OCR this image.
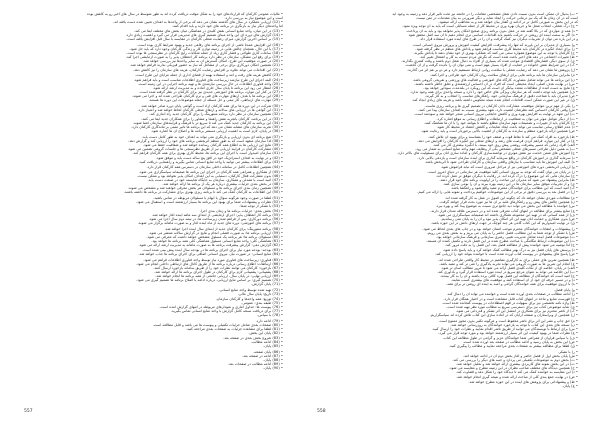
• ب) بدنبال ان ممکن است بدون نسبت دادن شغل مشخصی مقامات را در جامعه نیز تحت تاثیر قرار دهد و زمینه به وجود آید
است که در آن زمان ها که یک نیز درمانی حرکت را ایجاد نماید و دیگر ضرورتی به بیان مقدمات در متن نیست
که در این بخش به صورتی کامل تر در ادامه ی گفتار بیان خواهد شد و به مخاطب ارائه میشود.
• ج) درک شغلی، انتخاب شغل ها و جریان بهره وری در محیط کار از جمله مسائلی است که باید به آن توجه ویژه نمود.
• د) همه ی مواردی که در بالا گفته شد در عمل بدون برنامه ریزی صحیح امکان پذیر نخواهد بود و باید به آن پرداخت.
• ه) اگر به سمت آینده ای روشن در حرکت باشیم باید اقدامات اساسی تری انجام دهیم تا آن سه اصل محقق شود
و در این باره می توان از تجربیات دیگران نیز کمک گرفت و آن را در طرح های آینده مورد استفاده قرار داد.
• و) بسیاری از مدیران بر این باورند که تنها راه پیشرفت، افزایش کیفیت آموزش و پرورش نیروی انسانی است.
• ز) برای ایجاد انگیزه در کارکنان باید محیط کاری مناسب فراهم شود و پاداش های منظم در نظر گرفته شود.
• ح) کارکنان با توجه به این موضوع همواره سعی می کنند که عملکرد بهتری از خود نشان دهند تا پاداش بگیرند.
• ط) تغییرات اجتماعی در دهه های اخیر باعث شده است که نگرش مردم نسبت به کار و اشتغال تغییر کند.
• ی) از سوی دیگر، فشارهای اقتصادی موجب شده که بسیاری از افراد به دنبال شغل دوم باشند و وقت کمتری بگذارند.
• ک) در این شرایط نقش خانواده در حمایت از افراد بسیار مهم است و نمی توان آن را نادیده گرفت و از آن گذشت.
• ل) پژوهش ها نشان می دهد که رضایت شغلی با سلامت روانی ارتباط مستقیم دارد و هر دو بر هم اثر می گذارند.
• م) بنابراین سازمان ها باید برنامه هایی برای ارتقای سلامت روان کارکنان خود طراحی و اجرا کنند.
• ن) این برنامه ها می تواند شامل مشاوره، کارگاه های آموزشی و فعالیت های ورزشی و تفریحی گروهی باشد.
• س) در نهایت هدف اصلی، ایجاد محیطی است که افراد در آن احساس ارزشمندی و تعلق خاطر داشته باشند.
• ع) نتایج به دست آمده از مطالعات متعدد بیانگر آن است که این رویکرد در بلندمدت سودآور خواهد بود.
• ف) همچنین باید توجه داشت که هر سازمان ویژگی های خاص خود را دارد و نسخه واحدی برای همه وجود ندارد.
• ص) مدیران باید با شناخت دقیق از فرهنگ سازمانی خود، راهکارهای مناسب را انتخاب و به کار گیرند.
• ق) در غیر این صورت ممکن است اقدامات انجام شده نتیجه معکوس داشته باشد و هزینه های زیادی ایجاد کند.
• ر) یکی از مهم ترین عوامل موفقیت، مشارکت دادن کارکنان در تصمیم گیری ها و برنامه ریزی هاست.
• ش) وقتی کارکنان احساس کنند نظرشان اهمیت دارد، تعهد بیشتری نسبت به اهداف سازمان پیدا می کنند.
• ت) این تعهد در نهایت به افزایش بهره وری و کاهش جابجایی نیروی انسانی منجر خواهد شد و سودمند است.
• ث) از دیگر عوامل موثر می توان به شفافیت در ارتباطات و اطلاع رسانی به موقع اشاره کرد.
• خ) کارکنان باید از تغییرات و تصمیمات مهم سازمان مطلع باشند تا بتوانند خود را با آن ها هماهنگ کنند.
• ذ) عدم اطلاع رسانی مناسب می تواند باعث ایجاد شایعات و کاهش اعتماد در محیط کار شود.
• ض) همچنین ارائه بازخورد منظم و سازنده به کارکنان از اهمیت بالایی برخوردار است و باید رعایت شود.
• ظ) بازخورد به افراد کمک می کند تا نقاط قوت و ضعف خود را بشناسند و برای بهبود آن تلاش کنند.
• غ) در کنار این موارد، فراهم کردن فرصت های رشد و ارتقای شغلی نیز انگیزه کارکنان را افزایش می دهد.
• الف) افراد زمانی که مسیر پیشرفت روشنی پیش روی خود ببینند، با انگیزه بیشتری کار می کنند.
• ب) به همین دلیل طراحی مسیرهای شغلی مشخص یکی از وظایف مهم واحد منابع انسانی به شمار می رود.
• ج) آموزش های ضمن خدمت نیز نقش موثری در توانمندسازی کارکنان و آماده سازی آنان برای مسئولیت های بالاتر دارد.
• د) سرمایه گذاری در آموزش کارکنان در واقع سرمایه گذاری برای آینده سازمان است و بازدهی بالایی دارد.
• ه) البته این آموزش ها باید متناسب با نیازهای واقعی سازمان و کارکنان طراحی شود تا اثربخش باشد.
• و) ارزیابی اثربخشی دوره های آموزشی نیز از مراحل ضروری است که نباید فراموش شود.
• ز) در پایان می توان گفت که توجه به نیروی انسانی کلید موفقیت هر سازمانی در دنیای امروز است.
• ح) سازمان هایی که این موضوع را درک کرده اند، در رقابت با دیگران موفق تر عمل کرده اند.
• ط) بنابراین پیشنهاد می شود که مدیران این مباحث را در اولویت برنامه های خود قرار دهند.
• ی) و از تجربیات موفق سایر سازمان ها در این زمینه بهره ببرند و آن را بومی سازی کنند.
• ک) امید است که این مطالب برای خوانندگان محترم مفید واقع شود و راهگشا باشد.
• ل) در فصل بعد به بررسی دقیق تر برخی از این موضوعات خواهیم پرداخت و نمونه هایی را ارائه می کنیم.
• م) مطالعات موردی نشان خواهد داد که چگونه این اصول در عمل به کار گرفته شده اند.
• ن) همچنین چالش های پیش رو و راهکارهای غلبه بر آن ها نیز مورد بحث قرار خواهد گرفت.
• س) خواننده با مطالعه این بخش می تواند دید جامع تری نسبت به موضوع پیدا کند و بهره ببرد.
• ع) منابع بیشتر برای مطالعه در انتهای کتاب معرفی شده اند و در دسترس علاقه مندان قرار دارند.
• ف) از همه کسانی که در تهیه این مجموعه همکاری داشته اند صمیمانه سپاسگزاری می شود.
• ص) بدون همکاری و حمایت آنان تهیه این اثر امکان پذیر نبود و آن را به پایان نمی رساندیم.
• ق) در نهایت امیدواریم که این کتاب گامی هر چند کوچک در جهت ارتقای دانش در این حوزه باشد.
• ر) پیشنهادات و انتقادات خوانندگان محترم موجب امتنان خواهد بود و در چاپ های بعدی لحاظ می شود.
• ش) با تشکر از توجه شما به این مطالب، فصل حاضر را به پایان می بریم و به بخش بعدی می رویم.
• ت) موضوعات فصل آینده شامل مدیریت تغییر، رهبری سازمانی و فرهنگ سازمانی خواهد بود.
• ث) این موضوعات ارتباط تنگاتنگی با مباحث مطرح شده در این فصل دارند و تکمیل کننده آن هستند.
• خ) لذا توصیه می شود خواننده پیش از مطالعه فصل بعد، این فصل را به دقت مرور کند.
• ذ) پرسش های پایان فصل نیز به درک بهتر مطالب کمک خواهد کرد و باید پاسخ داده شود.
• ض) پاسخ های پیشنهادی در پیوست کتاب آورده شده است تا خواننده بتواند خود را ارزیابی کند.
• ظ) همچنین تمرین های عملی برای به کارگیری مفاهیم در محیط کار واقعی طراحی شده اند.
• غ) انجام این تمرین ها به صورت گروهی می تواند تجربه یادگیری را غنی تر کند و مفید باشد.
• الف) در پایان، خلاصه ای از نکات کلیدی فصل ارائه می شود تا مرور مطالب آسان تر شود.
• ب) این خلاصه می تواند به عنوان مرجع سریع در آینده مورد استفاده قرار گیرد و یادآوری کند.
• ج) امید است که خوانندگان از مطالعه این فصل بهره کافی برده باشند و آن را به کار ببندند.
• د) و در مسیر حرفه ای خود از آن استفاده کنند و موفقیت های بیشتری کسب نمایند.
• ه) با آرزوی موفقیت برای همه خوانندگان گرامی و امید به آینده ای روشن تر برای همه.
• و) پایان فصل.
• ز) ادامه مطالب در صفحات بعدی آورده شده است و خواننده می تواند آن را دنبال کند.
• ح) فهرست منابع و مآخذ در انتهای کتاب قابل مشاهده است و در اختیار همگان قرار دارد.
• ط) واژه نامه تخصصی نیز برای سهولت در فهم اصطلاحات در پیوست گنجانده شده است.
• ی) نمایه موضوعی کتاب نیز برای دسترسی سریع به مطالب مورد نظر تهیه شده است.
• ک) از ناشر محترم نیز برای همکاری در انتشار این اثر تشکر و قدردانی می شود.
• ل) همچنین از ویراستاران و صفحه آرایان که در آماده سازی این کتاب تلاش کرده اند سپاسگزاریم.
• م) حق چاپ و نشر این اثر برای ناشر محفوظ است و هرگونه تکثیر بدون مجوز ممنوع است.
• ن) نسخه های بعدی این کتاب با توجه به بازخورد خوانندگان به روزرسانی خواهد شد.
• س) برای ارتباط با نویسندگان می توانید از طریق ناشر اقدام نمایید و نظرات خود را ارسال کنید.
• ع) نظرات شما در بهبود کیفیت این اثر بسیار ارزشمند خواهد بود و مورد توجه قرار می گیرد.
• ف) با سپاس فراوان از همراهی شما خوانندگان عزیز و گرامی در طول مطالعه این کتاب.
• ص) این بخش به پایان رسید و ادامه مطالب در صفحه بعد آورده شده است.
• ق) لطفا برای مطالعه بیشتر به صفحات بعدی مراجعه نمایید و مطالب را پیگیری کنید.
• ر) با تشکر.
• ش) پایان بخش اول از فصل حاضر و آغاز بخش دوم آن در ادامه خواهد آمد.
• ت) بخش دوم به موضوعات تکمیلی می پردازد و جنبه های دیگر را بررسی می کند.
• ث) در این بخش نمونه های کاربردی بیشتری ارائه خواهد شد و تحلیل خواهد شد.
• خ) همچنین دیدگاه های مختلف صاحب نظران در این زمینه مطرح و مقایسه می شود.
• ذ) این مقایسه به خواننده کمک می کند تا دیدگاه خود را شکل دهد و قضاوت کند.
• ض) در نهایت جمع بندی کلی از مباحث ارائه شده و نتیجه گیری انجام خواهد شد.
• ظ) و پیشنهاداتی برای پژوهش های آینده در این حوزه مطرح خواهد شد.
• غ) پایان.
558
• مالیات عمومی کارکنان که قراردادهای خود را به شکل موقت دریافت کرده اند به طور متوسط در سال های اخیر رو به کاهش بوده
است و این موضوع نیاز به بررسی دارد.
• (12) ارزیابی عملکرد در سال های گذشته نشان می دهد که برخی از واحدها به اهداف تعیین شده دست یافته اند.
اما واحدهای دیگر نیاز به بازنگری در برنامه های خود دارند و باید اقدام کنند.
• (13) در این میان، واحد منابع انسانی نقش کلیدی در هماهنگی میان بخش های مختلف ایفا می کند.
• (14) گزارش های دوره ای این واحد مبنای تصمیم گیری های مدیریتی قرار می گیرد و اهمیت زیادی دارد.
• (15) بر اساس آخرین گزارش، میزان رضایت شغلی کارکنان در مقایسه با سال قبل افزایش یافته است.
• (16) این افزایش عمدتا ناشی از اجرای برنامه های رفاهی جدید و بهبود شرایط کاری بوده است.
• (17) با این حال، همچنان چالش هایی در زمینه توازن کار و زندگی کارکنان وجود دارد که باید حل شود.
• (18) ساعات کاری طولانی و فشار کاری زیاد از جمله شکایات رایج کارکنان در نظرسنجی ها بوده است.
• (19) برای رفع این مشکل، سازمان در نظر دارد برنامه کار انعطاف پذیر را به صورت آزمایشی اجرا کند.
• (20) در صورت موفقیت این طرح، امکان گسترش آن به سایر واحدها نیز بررسی خواهد شد.
• (21) همچنین امکان دورکاری برای برخی از مشاغل که نیاز به حضور فیزیکی ندارند فراهم خواهد شد.
• (22) این اقدامات می تواند علاوه بر افزایش رضایت کارکنان، هزینه های سازمان را نیز کاهش دهد.
• (23) کاهش هزینه های رفت و آمد و استفاده بهینه از فضای اداری از جمله مزایای این طرح است.
• (24) البته اجرای این طرح نیازمند زیرساخت های فناوری اطلاعات مناسب است و باید فراهم شود.
• (25) واحد فناوری اطلاعات در حال بررسی نیازمندی ها و تهیه برنامه اجرایی در این زمینه است.
• (26) انتظار می رود این برنامه تا پایان سال جاری آماده و به مدیریت ارشد ارائه شود.
• (27) در کنار این موارد، برنامه های آموزشی جدیدی نیز برای کارکنان در نظر گرفته شده است.
• (28) این برنامه ها با هدف ارتقای مهارت های فنی و نرم کارکنان طراحی شده اند و اجرا می شوند.
• (29) مهارت های ارتباطی، کار تیمی و حل مسئله از جمله موضوعات این دوره ها هستند.
• (30) شرکت در این دوره ها برای همه کارکنان آزاد است و گواهی پایان دوره صادر خواهد شد.
• (31) این گواهی ها در ارزیابی های سالانه و ارتقای شغلی کارکنان لحاظ خواهد شد و امتیاز دارد.
• (32) همچنین سازمان در نظر دارد برنامه منتورینگ را برای کارکنان جدید راه اندازی کند.
• (33) در این برنامه، کارکنان باتجربه نقش راهنما و مشاور را برای همکاران جدید ایفا می کنند.
• (34) این برنامه به کارکنان جدید کمک می کند تا سریع تر با فرهنگ و فرآیندهای سازمان آشنا شوند.
• (35) تجربه سازمان های مشابه نشان می دهد که این برنامه ها تاثیر مثبتی بر ماندگاری کارکنان دارد.
• (36) در پایان، لازم است به اهمیت ارزیابی مستمر برنامه ها و اصلاح آن ها اشاره شود.
• (37) هیچ برنامه ای بدون ارزیابی و بازنگری نمی تواند به اهداف خود به طور کامل دست یابد.
• (38) لذا سازمان متعهد است که به طور منظم اثربخشی برنامه های خود را ارزیابی کند و گزارش دهد.
• (39) نتایج این ارزیابی ها به اطلاع همه کارکنان رسانده خواهد شد و شفافیت حفظ می شود.
• (40) مشارکت کارکنان در فرآیند ارزیابی نیز از طریق نظرسنجی ها و جلسات گروهی تضمین می شود.
• (41) سازمان امیدوار است با اجرای این برنامه ها، محیط کاری بهتری برای همه کارکنان فراهم کند.
• (42) و در نهایت به اهداف استراتژیک خود در افق پنج ساله دست یابد و موفق شود.
• (43) برای اطلاعات بیشتر می توانید با واحد منابع انسانی تماس بگیرید و راهنمایی دریافت کنید.
• (44) همچنین اطلاعات کامل در سامانه داخلی سازمان در دسترس همه کارکنان قرار دارد.
• (45) از همکاری و همراهی همه کارکنان در اجرای این برنامه ها صمیمانه سپاسگزاری می شود.
• (46) بدون مشارکت فعال کارکنان، دستیابی به این اهداف امکان پذیر نخواهد بود و ممکن نیست.
• (47) امید است با همدلی و همکاری، سازمان به جایگاه شایسته خود در صنعت دست یابد.
• (48) در بخش بعدی جزئیات بیشتری درباره هر یک از برنامه ها ارائه خواهد شد.
• (49) همچنین زمان بندی اجرای برنامه ها و مسئولان هر بخش معرفی خواهند شد و مشخص می شوند.
• (50) این اطلاعات به کارکنان کمک می کند تا برنامه ریزی بهتری برای مشارکت در برنامه ها داشته باشند.
• (51) لطفا در صورت وجود هرگونه سوال یا ابهام با مسئولان مربوطه در تماس باشید.
• (52) نظرات و پیشنهادات شما برای بهبود این برنامه ها بسیار ارزشمند است و استقبال می شود.
• (53) با تشکر از توجه شما.
• (54) بخش بعدی: جزئیات برنامه ها و زمان بندی اجرا.
• (55) برنامه کار انعطاف پذیر: اجرای آزمایشی از ابتدای سه ماهه آینده آغاز خواهد شد.
• (56) برنامه دورکاری: پس از فراهم شدن زیرساخت ها، در نیمه دوم سال اجرا می شود.
• (57) برنامه های آموزشی: دوره های جدید از ماه آینده آغاز و به صورت ماهانه برگزار می شوند.
• (58) برنامه منتورینگ: برای کارکنان جدید از ابتدای سال آینده اجرا خواهد شد.
• (59) ارزیابی برنامه ها: به صورت فصلی انجام و نتایج در گزارش سالانه منتشر می شود.
• (60) مسئولان برنامه ها: هر برنامه یک مسئول مشخص خواهد داشت که معرفی می شود.
• (61) هماهنگی کلی: واحد منابع انسانی مسئول هماهنگی کلی همه برنامه ها خواهد بود.
• (62) گزارش دهی: گزارش پیشرفت برنامه ها به صورت ماهانه به مدیریت ارشد ارائه می شود.
• (63) بودجه: بودجه مورد نیاز برای اجرای برنامه ها در بودجه سال آینده پیش بینی شده است.
• (64) منابع انسانی: در صورت نیاز، نیروی انسانی اضافی برای اجرای برنامه ها جذب خواهد شد.
• (65) فناوری: زیرساخت های فناوری مورد نیاز توسط واحد فناوری اطلاعات فراهم می شود.
• (66) ارتباطات: اطلاع رسانی درباره برنامه ها از طریق کانال های ارتباطی داخلی انجام می شود.
• (67) بازخورد: کارکنان می توانند نظرات خود را از طریق سامانه بازخورد ارسال کنند.
• (68) پشتیبانی: پشتیبانی لازم برای کارکنان در طول اجرای برنامه ها ارائه خواهد شد.
• (69) ارزیابی نهایی: در پایان سال، ارزیابی جامعی از همه برنامه ها انجام خواهد شد.
• (70) تصمیم گیری: بر اساس نتایج ارزیابی، درباره ادامه یا اصلاح برنامه ها تصمیم گیری می شود.
• (71) پایان گزارش.
• (72) تهیه شده توسط واحد منابع انسانی.
• (73) تاریخ: پایان سال مالی.
• (74) توزیع: همه واحدها و کارکنان سازمان.
• (75) طبقه بندی: عمومی.
• (76) پیوست ها: جداول آماری و نمودارهای مربوطه در انتهای گزارش آمده است.
• (77) برای دریافت نسخه کامل گزارش با واحد منابع انسانی تماس بگیرید.
• (78) با سپاس.
• (79) ادامه دارد.
• (80) صفحات بعدی شامل جزئیات تکمیلی و پیوست ها می باشد و قابل مطالعه است.
• (81) لطفا برای مشاهده جزئیات به صفحات بعدی مراجعه کنید.
• (82) پایان این بخش.
• (83) شروع بخش بعدی در صفحه بعد.
• (84) ادامه مطالب.
• (85) پایان.
• (86) پایان صفحه.
• (87) ادامه در صفحه بعد.
• (88) پایان.
• (89) ادامه مطالب در صفحات بعد.
• (90) پایان.
557
